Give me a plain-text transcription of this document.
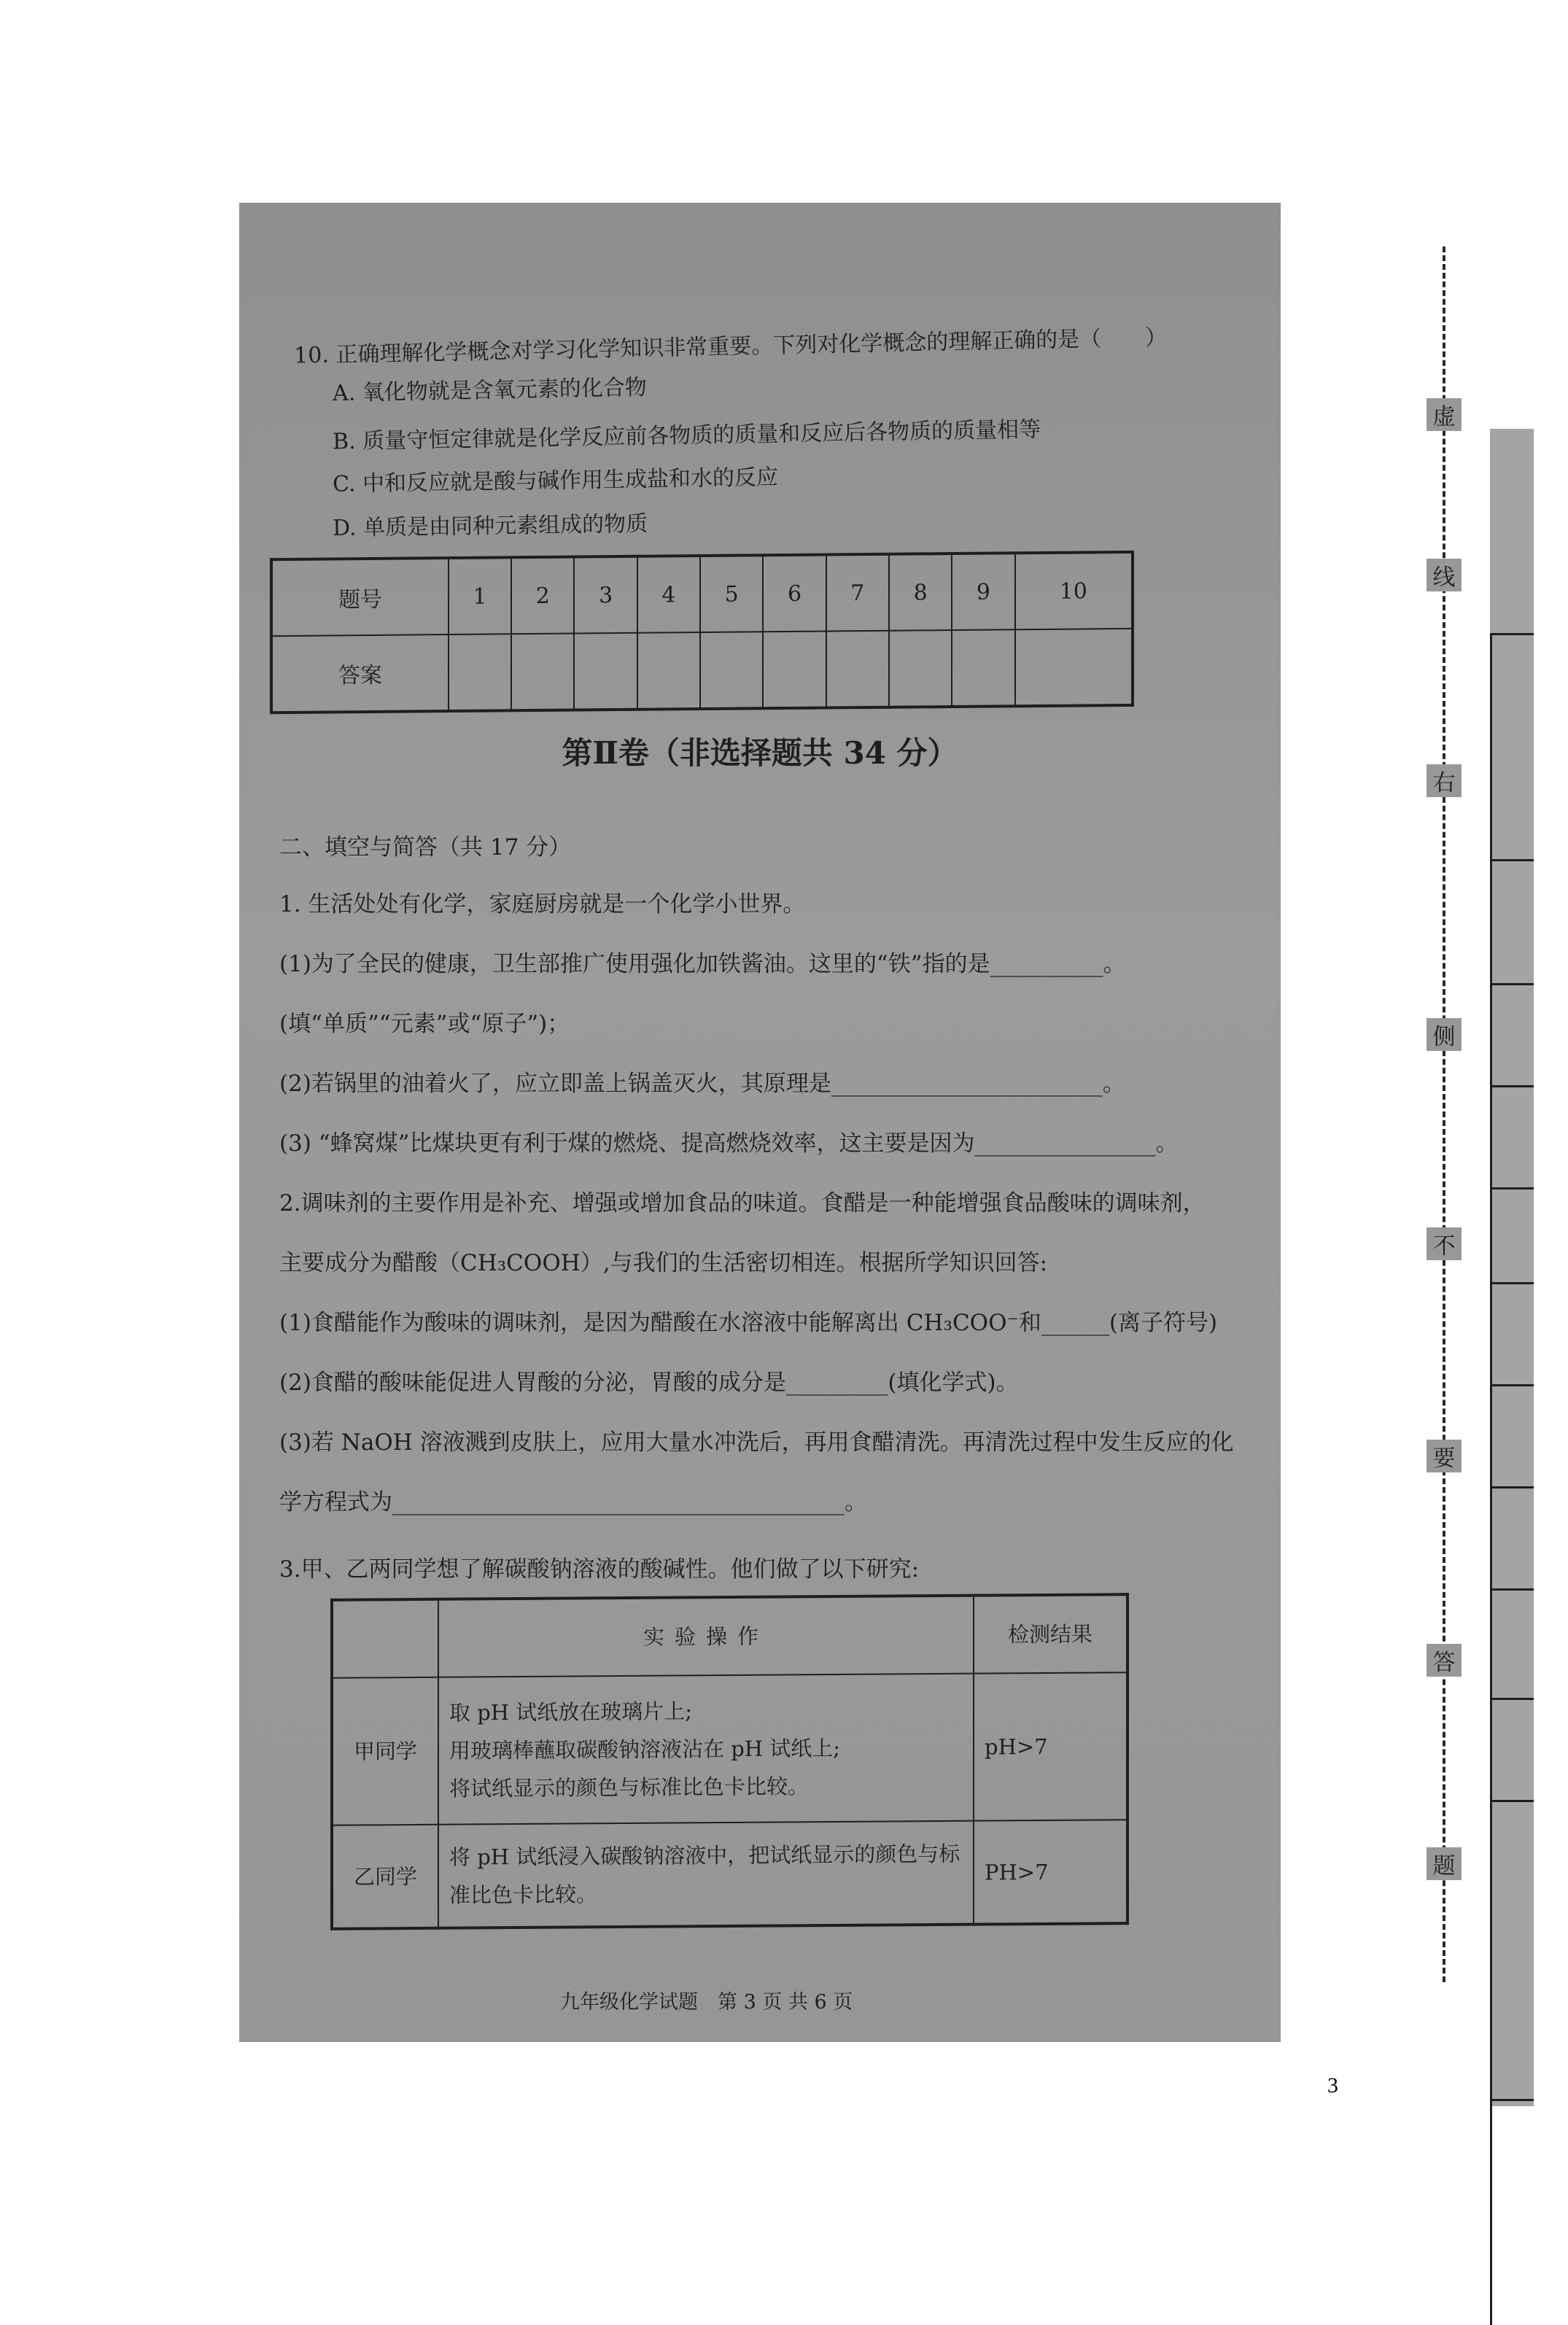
10. 正确理解化学概念对学习化学知识非常重要。下列对化学概念的理解正确的是（　　）
A. 氧化物就是含氧元素的化合物
B. 质量守恒定律就是化学反应前各物质的质量和反应后各物质的质量相等
C. 中和反应就是酸与碱作用生成盐和水的反应
D. 单质是由同种元素组成的物质
题号	1	2	3	4	5	6	7	8	9	10
答案										
第Ⅱ卷（非选择题共 34 分）
二、填空与简答（共 17 分）
1. 生活处处有化学，家庭厨房就是一个化学小世界。
(1)为了全民的健康，卫生部推广使用强化加铁酱油。这里的“铁”指的是__________。
(填“单质”“元素”或“原子”)；
(2)若锅里的油着火了，应立即盖上锅盖灭火，其原理是________________________。
(3) “蜂窝煤”比煤块更有利于煤的燃烧、提高燃烧效率，这主要是因为________________。
2.调味剂的主要作用是补充、增强或增加食品的味道。食醋是一种能增强食品酸味的调味剂，
主要成分为醋酸（CH₃COOH）,与我们的生活密切相连。根据所学知识回答:
(1)食醋能作为酸味的调味剂，是因为醋酸在水溶液中能解离出 CH₃COO⁻和______(离子符号)
(2)食醋的酸味能促进人胃酸的分泌，胃酸的成分是_________(填化学式)。
(3)若 NaOH 溶液溅到皮肤上，应用大量水冲洗后，再用食醋清洗。再清洗过程中发生反应的化
学方程式为________________________________________。
3.甲、乙两同学想了解碳酸钠溶液的酸碱性。他们做了以下研究:
	实验操作	检测结果
甲同学	取 pH 试纸放在玻璃片上;
用玻璃棒蘸取碳酸钠溶液沾在 pH 试纸上;
将试纸显示的颜色与标准比色卡比较。	pH>7
乙同学	将 pH 试纸浸入碳酸钠溶液中，把试纸显示的颜色与标
准比色卡比较。	PH>7
九年级化学试题　第 3 页 共 6 页
虚
线
右
侧
不
要
答
题
3
